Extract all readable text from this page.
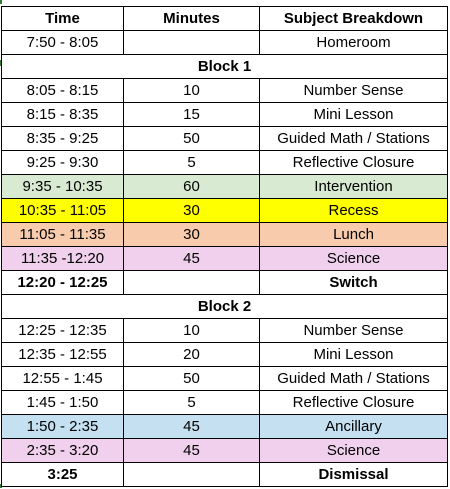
Time	Minutes	Subject Breakdown
7:50 - 8:05		Homeroom
Block 1		
8:05 - 8:15	10	Number Sense
8:15 - 8:35	15	Mini Lesson
8:35 - 9:25	50	Guided Math / Stations
9:25 - 9:30	5	Reflective Closure
9:35 - 10:35	60	Intervention
10:35 - 11:05	30	Recess
11:05 - 11:35	30	Lunch
11:35 -12:20	45	Science
12:20 - 12:25		Switch
Block 2		
12:25 - 12:35	10	Number Sense
12:35 - 12:55	20	Mini Lesson
12:55 - 1:45	50	Guided Math / Stations
1:45 - 1:50	5	Reflective Closure
1:50 - 2:35	45	Ancillary
2:35 - 3:20	45	Science
3:25		Dismissal
